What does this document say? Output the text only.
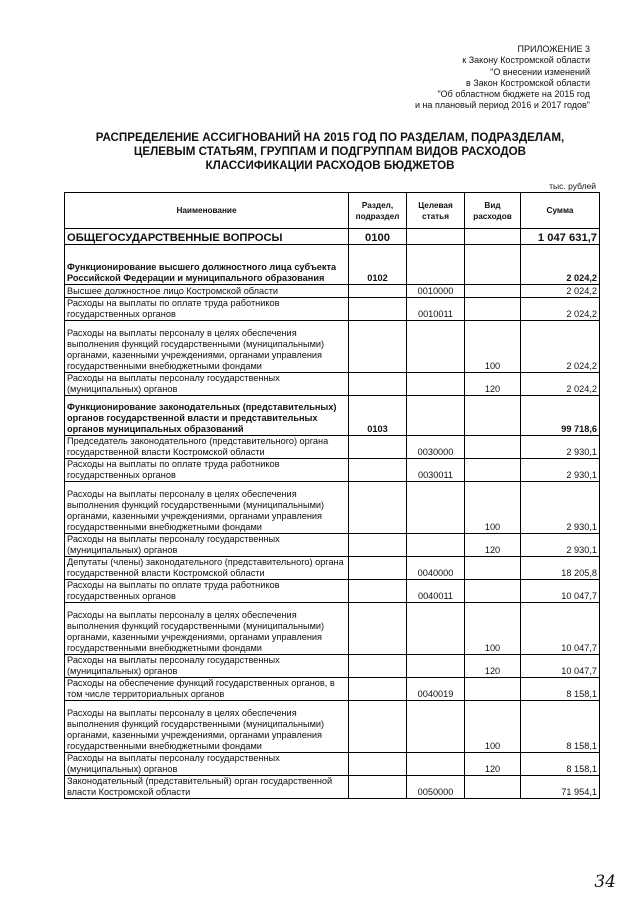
ПРИЛОЖЕНИЕ 3
к Закону Костромской области
"О внесении изменений
в Закон Костромской области
"Об областном бюджете на 2015 год
и на плановый период 2016 и 2017 годов"
РАСПРЕДЕЛЕНИЕ АССИГНОВАНИЙ НА 2015 ГОД ПО РАЗДЕЛАМ, ПОДРАЗДЕЛАМ,
ЦЕЛЕВЫМ СТАТЬЯМ, ГРУППАМ И ПОДГРУППАМ ВИДОВ РАСХОДОВ
КЛАССИФИКАЦИИ РАСХОДОВ БЮДЖЕТОВ
тыс. рублей
Наименование	Раздел, подраздел	Целевая статья	Вид расходов	Сумма
ОБЩЕГОСУДАРСТВЕННЫЕ ВОПРОСЫ	0100			1 047 631,7
Функционирование высшего должностного лица субъекта Российской Федерации и муниципального образования	0102			2 024,2
Высшее должностное лицо Костромской области		0010000		2 024,2
Расходы на выплаты по оплате труда работников государственных органов		0010011		2 024,2
Расходы на выплаты персоналу в целях обеспечения выполнения функций государственными (муниципальными) органами, казенными учреждениями, органами управления государственными внебюджетными фондами			100	2 024,2
Расходы на выплаты персоналу государственных (муниципальных) органов			120	2 024,2
Функционирование законодательных (представительных) органов государственной власти и представительных органов муниципальных образований	0103			99 718,6
Председатель законодательного (представительного) органа государственной власти Костромской области		0030000		2 930,1
Расходы на выплаты по оплате труда работников государственных органов		0030011		2 930,1
Расходы на выплаты персоналу в целях обеспечения выполнения функций государственными (муниципальными) органами, казенными учреждениями, органами управления государственными внебюджетными фондами			100	2 930,1
Расходы на выплаты персоналу государственных (муниципальных) органов			120	2 930,1
Депутаты (члены) законодательного (представительного) органа государственной власти Костромской области		0040000		18 205,8
Расходы на выплаты по оплате труда работников государственных органов		0040011		10 047,7
Расходы на выплаты персоналу в целях обеспечения выполнения функций государственными (муниципальными) органами, казенными учреждениями, органами управления государственными внебюджетными фондами			100	10 047,7
Расходы на выплаты персоналу государственных (муниципальных) органов			120	10 047,7
Расходы на обеспечение функций государственных органов, в том числе территориальных органов		0040019		8 158,1
Расходы на выплаты персоналу в целях обеспечения выполнения функций государственными (муниципальными) органами, казенными учреждениями, органами управления государственными внебюджетными фондами			100	8 158,1
Расходы на выплаты персоналу государственных (муниципальных) органов			120	8 158,1
Законодательный (представительный) орган государственной власти Костромской области		0050000		71 954,1
34
